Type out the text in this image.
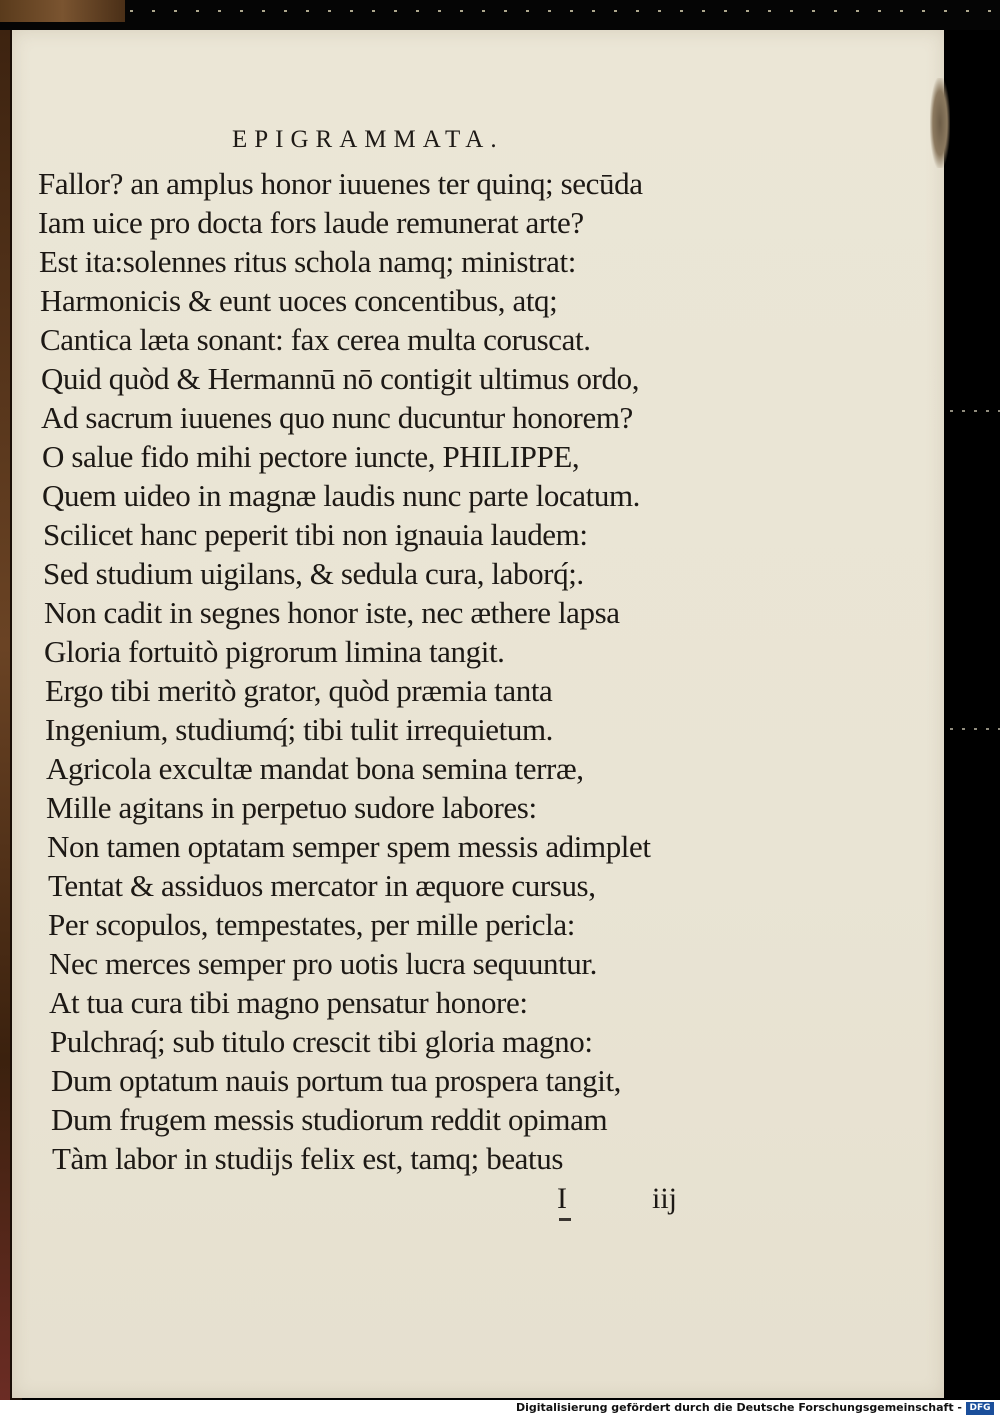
EPIGRAMMATA.
Fallor? an amplus honor iuuenes ter quinq; secūda
Iam uice pro docta fors laude remunerat arte?
Est ita:solennes ritus schola namq; ministrat:
Harmonicis & eunt uoces concentibus, atq;
Cantica læta sonant: fax cerea multa coruscat.
Quid quòd & Hermannū nō contigit ultimus ordo,
Ad sacrum iuuenes quo nunc ducuntur honorem?
O salue fido mihi pectore iuncte, PHILIPPE,
Quem uideo in magnæ laudis nunc parte locatum.
Scilicet hanc peperit tibi non ignauia laudem:
Sed studium uigilans, & sedula cura, laborq́;.
Non cadit in segnes honor iste, nec æthere lapsa
Gloria fortuitò pigrorum limina tangit.
Ergo tibi meritò grator, quòd præmia tanta
Ingenium, studiumq́; tibi tulit irrequietum.
Agricola excultæ mandat bona semina terræ,
Mille agitans in perpetuo sudore labores:
Non tamen optatam semper spem messis adimplet
Tentat & assiduos mercator in æquore cursus,
Per scopulos, tempestates, per mille pericla:
Nec merces semper pro uotis lucra sequuntur.
At tua cura tibi magno pensatur honore:
Pulchraq́; sub titulo crescit tibi gloria magno:
Dum optatum nauis portum tua prospera tangit,
Dum frugem messis studiorum reddit opimam
Tàm labor in studijs felix est, tamq; beatus
I	iij
Digitalisierung gefördert durch die Deutsche Forschungsgemeinschaft - DFG
